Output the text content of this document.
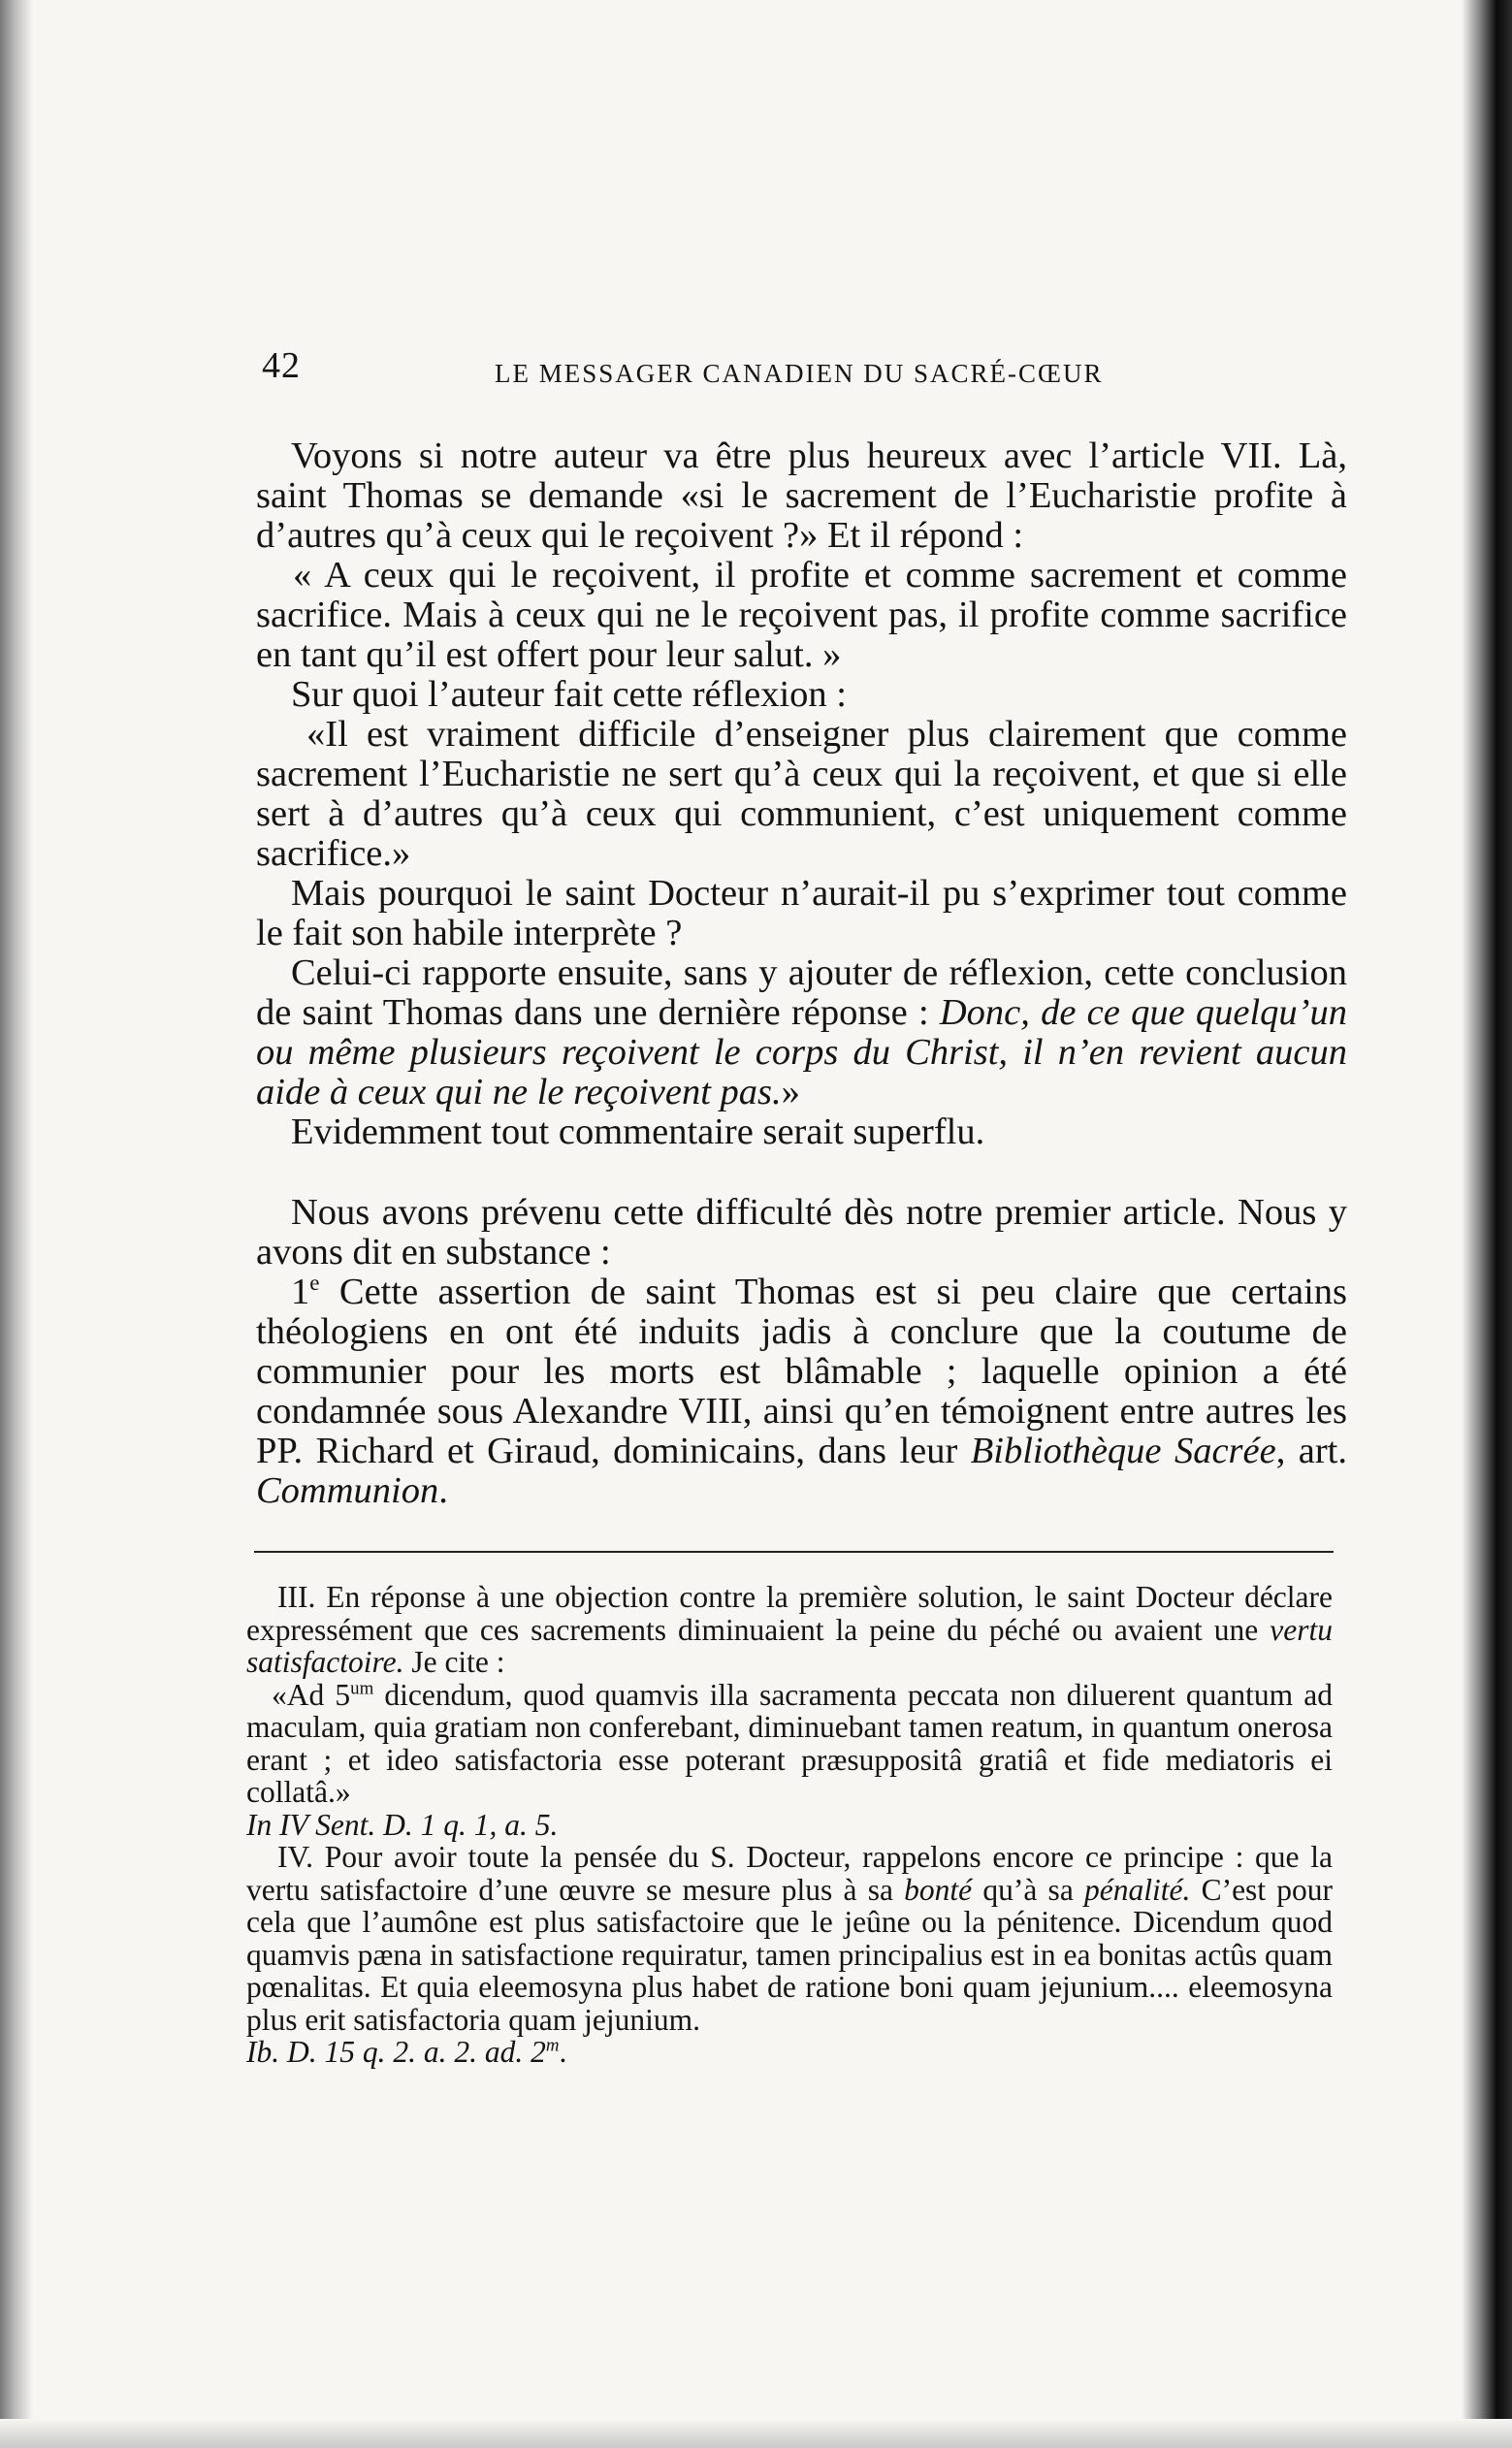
42	LE MESSAGER CANADIEN DU SACRÉ-CŒUR

Voyons si notre auteur va être plus heureux avec l’article VII. Là, saint Thomas se demande «si le sacrement de l’Eucharistie profite à d’autres qu’à ceux qui le reçoivent ?» Et il répond :

« A ceux qui le reçoivent, il profite et comme sacrement et comme sacrifice. Mais à ceux qui ne le reçoivent pas, il profite comme sacrifice en tant qu’il est offert pour leur salut. »

Sur quoi l’auteur fait cette réflexion :

«Il est vraiment difficile d’enseigner plus clairement que comme sacrement l’Eucharistie ne sert qu’à ceux qui la reçoivent, et que si elle sert à d’autres qu’à ceux qui communient, c’est uniquement comme sacrifice.»

Mais pourquoi le saint Docteur n’aurait-il pu s’exprimer tout comme le fait son habile interprète ?

Celui-ci rapporte ensuite, sans y ajouter de réflexion, cette conclusion de saint Thomas dans une dernière réponse : Donc, de ce que quelqu’un ou même plusieurs reçoivent le corps du Christ, il n’en revient aucun aide à ceux qui ne le reçoivent pas.»

Evidemment tout commentaire serait superflu.

Nous avons prévenu cette difficulté dès notre premier article. Nous y avons dit en substance :

1e Cette assertion de saint Thomas est si peu claire que certains théologiens en ont été induits jadis à conclure que la coutume de communier pour les morts est blâmable ; laquelle opinion a été condamnée sous Alexandre VIII, ainsi qu’en témoignent entre autres les PP. Richard et Giraud, dominicains, dans leur Bibliothèque Sacrée, art. Communion.

III. En réponse à une objection contre la première solution, le saint Docteur déclare expressément que ces sacrements diminuaient la peine du péché ou avaient une vertu satisfactoire. Je cite :

«Ad $5^{um}$ dicendum, quod quamvis illa sacramenta peccata non diluerent quantum ad maculam, quia gratiam non conferebant, diminuebant tamen reatum, in quantum onerosa erant ; et ideo satisfactoria esse poterant præsuppositâ gratiâ et fide mediatoris ei collatâ.»
In IV Sent. D. 1 q. 1, a. 5.

IV. Pour avoir toute la pensée du S. Docteur, rappelons encore ce principe : que la vertu satisfactoire d’une œuvre se mesure plus à sa bonté qu’à sa pénalité. C’est pour cela que l’aumône est plus satisfactoire que le jeûne ou la pénitence. Dicendum quod quamvis pæna in satisfactione requiratur, tamen principalius est in ea bonitas actûs quam pœnalitas. Et quia eleemosyna plus habet de ratione boni quam jejunium.... eleemosyna plus erit satisfactoria quam jejunium.
Ib. D. 15 q. 2. a. 2. ad. 2$^m$.
